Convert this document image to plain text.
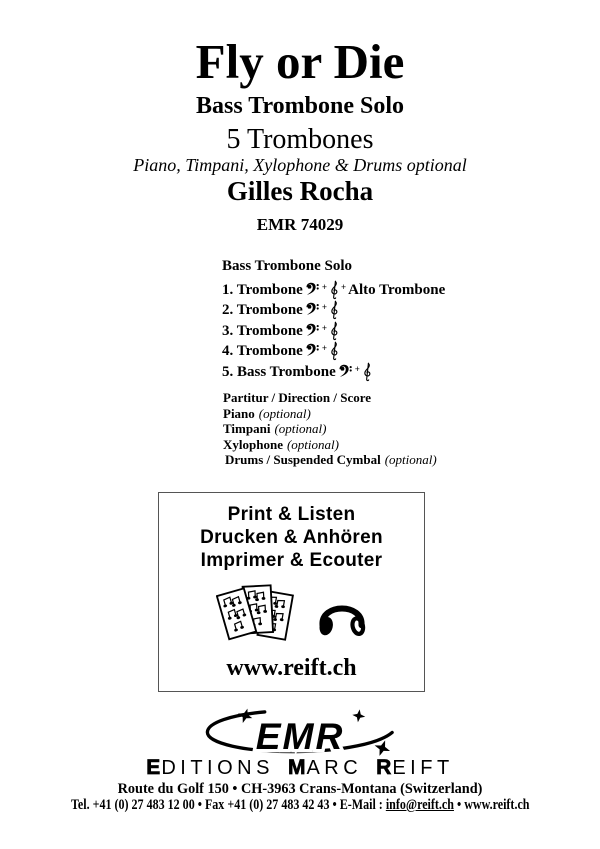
Fly or Die
Bass Trombone Solo
5 Trombones
Piano, Timpani, Xylophone & Drums optional
Gilles Rocha
EMR 74029
Bass Trombone Solo
1. Trombone + + Alto Trombone
2. Trombone +
3. Trombone +
4. Trombone +
5. Bass Trombone +
Partitur / Direction / Score
Piano (optional)
Timpani (optional)
Xylophone (optional)
Drums / Suspended Cymbal (optional)
Print & Listen
Drucken & Anhören
Imprimer & Ecouter
www.reift.ch
EMR
EDITIONS MARC REIFT
Route du Golf 150 • CH-3963 Crans-Montana (Switzerland)
Tel. +41 (0) 27 483 12 00 • Fax +41 (0) 27 483 42 43 • E-Mail : info@reift.ch • www.reift.ch
